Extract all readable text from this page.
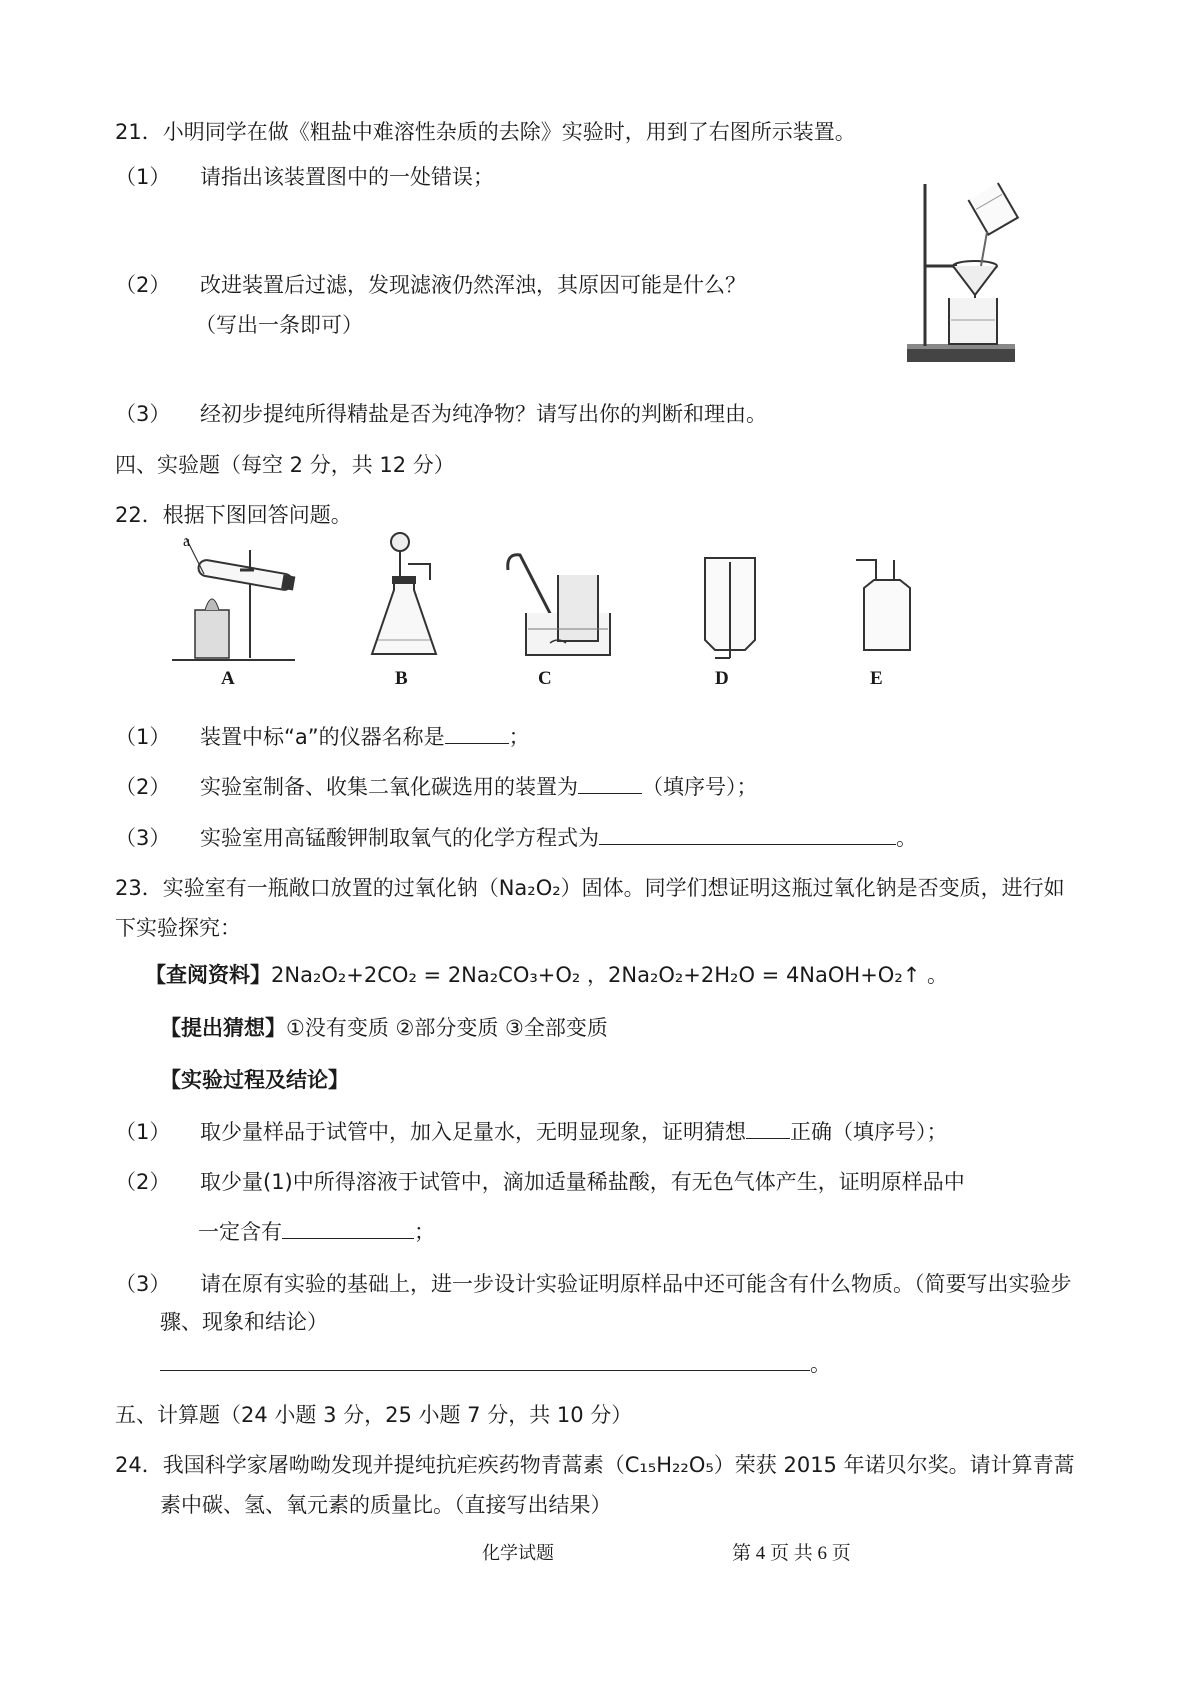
21．小明同学在做《粗盐中难溶性杂质的去除》实验时，用到了右图所示装置。
（1） 请指出该装置图中的一处错误；
（2） 改进装置后过滤，发现滤液仍然浑浊，其原因可能是什么？
（写出一条即可）
（3） 经初步提纯所得精盐是否为纯净物？请写出你的判断和理由。
四、实验题（每空 2 分，共 12 分）
22．根据下图回答问题。
a
A	B	C	D	E
（1） 装置中标“a”的仪器名称是	；
（2） 实验室制备、收集二氧化碳选用的装置为	（填序号）；
（3） 实验室用高锰酸钾制取氧气的化学方程式为	。
23．实验室有一瓶敞口放置的过氧化钠（Na₂O₂）固体。同学们想证明这瓶过氧化钠是否变质，进行如
下实验探究：
【查阅资料】2Na₂O₂+2CO₂ = 2Na₂CO₃+O₂ ，2Na₂O₂+2H₂O = 4NaOH+O₂↑ 。
【提出猜想】①没有变质 ②部分变质 ③全部变质
【实验过程及结论】
（1） 取少量样品于试管中，加入足量水，无明显现象，证明猜想 正确（填序号）；
（2） 取少量(1)中所得溶液于试管中，滴加适量稀盐酸，有无色气体产生，证明原样品中
一定含有	；
（3） 请在原有实验的基础上，进一步设计实验证明原样品中还可能含有什么物质。（简要写出实验步
骤、现象和结论）
。
五、计算题（24 小题 3 分，25 小题 7 分，共 10 分）
24．我国科学家屠呦呦发现并提纯抗疟疾药物青蒿素（C₁₅H₂₂O₅）荣获 2015 年诺贝尔奖。请计算青蒿
素中碳、氢、氧元素的质量比。（直接写出结果）
化学试题	第 4 页 共 6 页
